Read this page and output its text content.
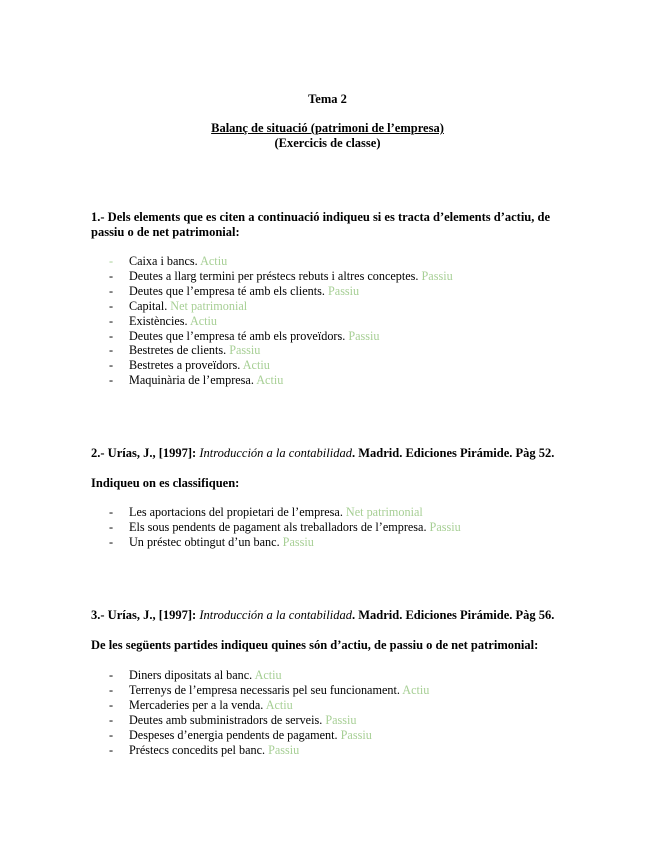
Tema 2
Balanç de situació (patrimoni de l’empresa)
(Exercicis de classe)
1.- Dels elements que es citen a continuació indiqueu si es tracta d’elements d’actiu, de passiu o de net patrimonial:
- Caixa i bancs. Actiu
- Deutes a llarg termini per préstecs rebuts i altres conceptes. Passiu
- Deutes que l’empresa té amb els clients. Passiu
- Capital. Net patrimonial
- Existències. Actiu
- Deutes que l’empresa té amb els proveïdors. Passiu
- Bestretes de clients. Passiu
- Bestretes a proveïdors. Actiu
- Maquinària de l’empresa. Actiu
2.- Urías, J., [1997]: Introducción a la contabilidad. Madrid. Ediciones Pirámide. Pàg 52.
Indiqueu on es classifiquen:
- Les aportacions del propietari de l’empresa. Net patrimonial
- Els sous pendents de pagament als treballadors de l’empresa. Passiu
- Un préstec obtingut d’un banc. Passiu
3.- Urías, J., [1997]: Introducción a la contabilidad. Madrid. Ediciones Pirámide. Pàg 56.
De les següents partides indiqueu quines són d’actiu, de passiu o de net patrimonial:
- Diners dipositats al banc. Actiu
- Terrenys de l’empresa necessaris pel seu funcionament. Actiu
- Mercaderies per a la venda. Actiu
- Deutes amb subministradors de serveis. Passiu
- Despeses d’energia pendents de pagament. Passiu
- Préstecs concedits pel banc. Passiu
